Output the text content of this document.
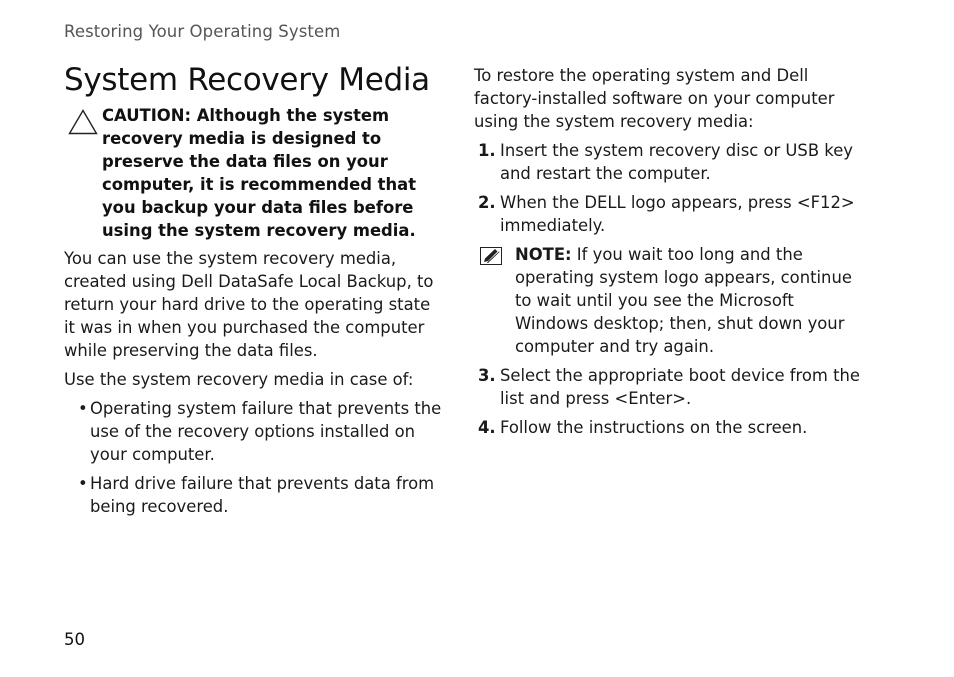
Restoring Your Operating System
System Recovery Media
CAUTION: Although the system recovery media is designed to preserve the data files on your computer, it is recommended that you backup your data files before using the system recovery media.

You can use the system recovery media, created using Dell DataSafe Local Backup, to return your hard drive to the operating state it was in when you purchased the computer while preserving the data files.

Use the system recovery media in case of:

• Operating system failure that prevents the use of the recovery options installed on your computer.
• Hard drive failure that prevents data from being recovered.

To restore the operating system and Dell factory-installed software on your computer using the system recovery media:

1. Insert the system recovery disc or USB key and restart the computer.
2. When the DELL logo appears, press <F12> immediately.
NOTE: If you wait too long and the operating system logo appears, continue to wait until you see the Microsoft Windows desktop; then, shut down your computer and try again.
3. Select the appropriate boot device from the list and press <Enter>.
4. Follow the instructions on the screen.
50
